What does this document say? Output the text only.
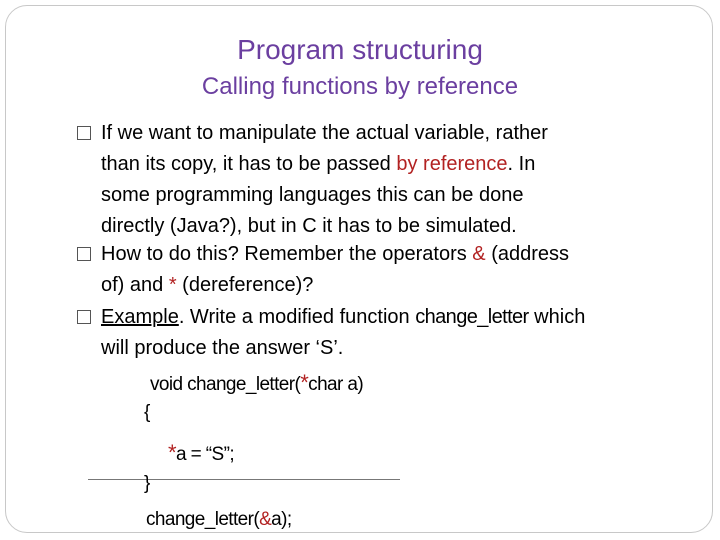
Program structuring
Calling functions by reference
If we want to manipulate the actual variable, rather
than its copy, it has to be passed by reference. In
some programming languages this can be done
directly (Java?), but in C it has to be simulated.
How to do this? Remember the operators & (address
of) and * (dereference)?
Example. Write a modified function change_letter which
will produce the answer ‘S’.
void change_letter(*char a)
{
*a = “S”;
}
change_letter(&a);
